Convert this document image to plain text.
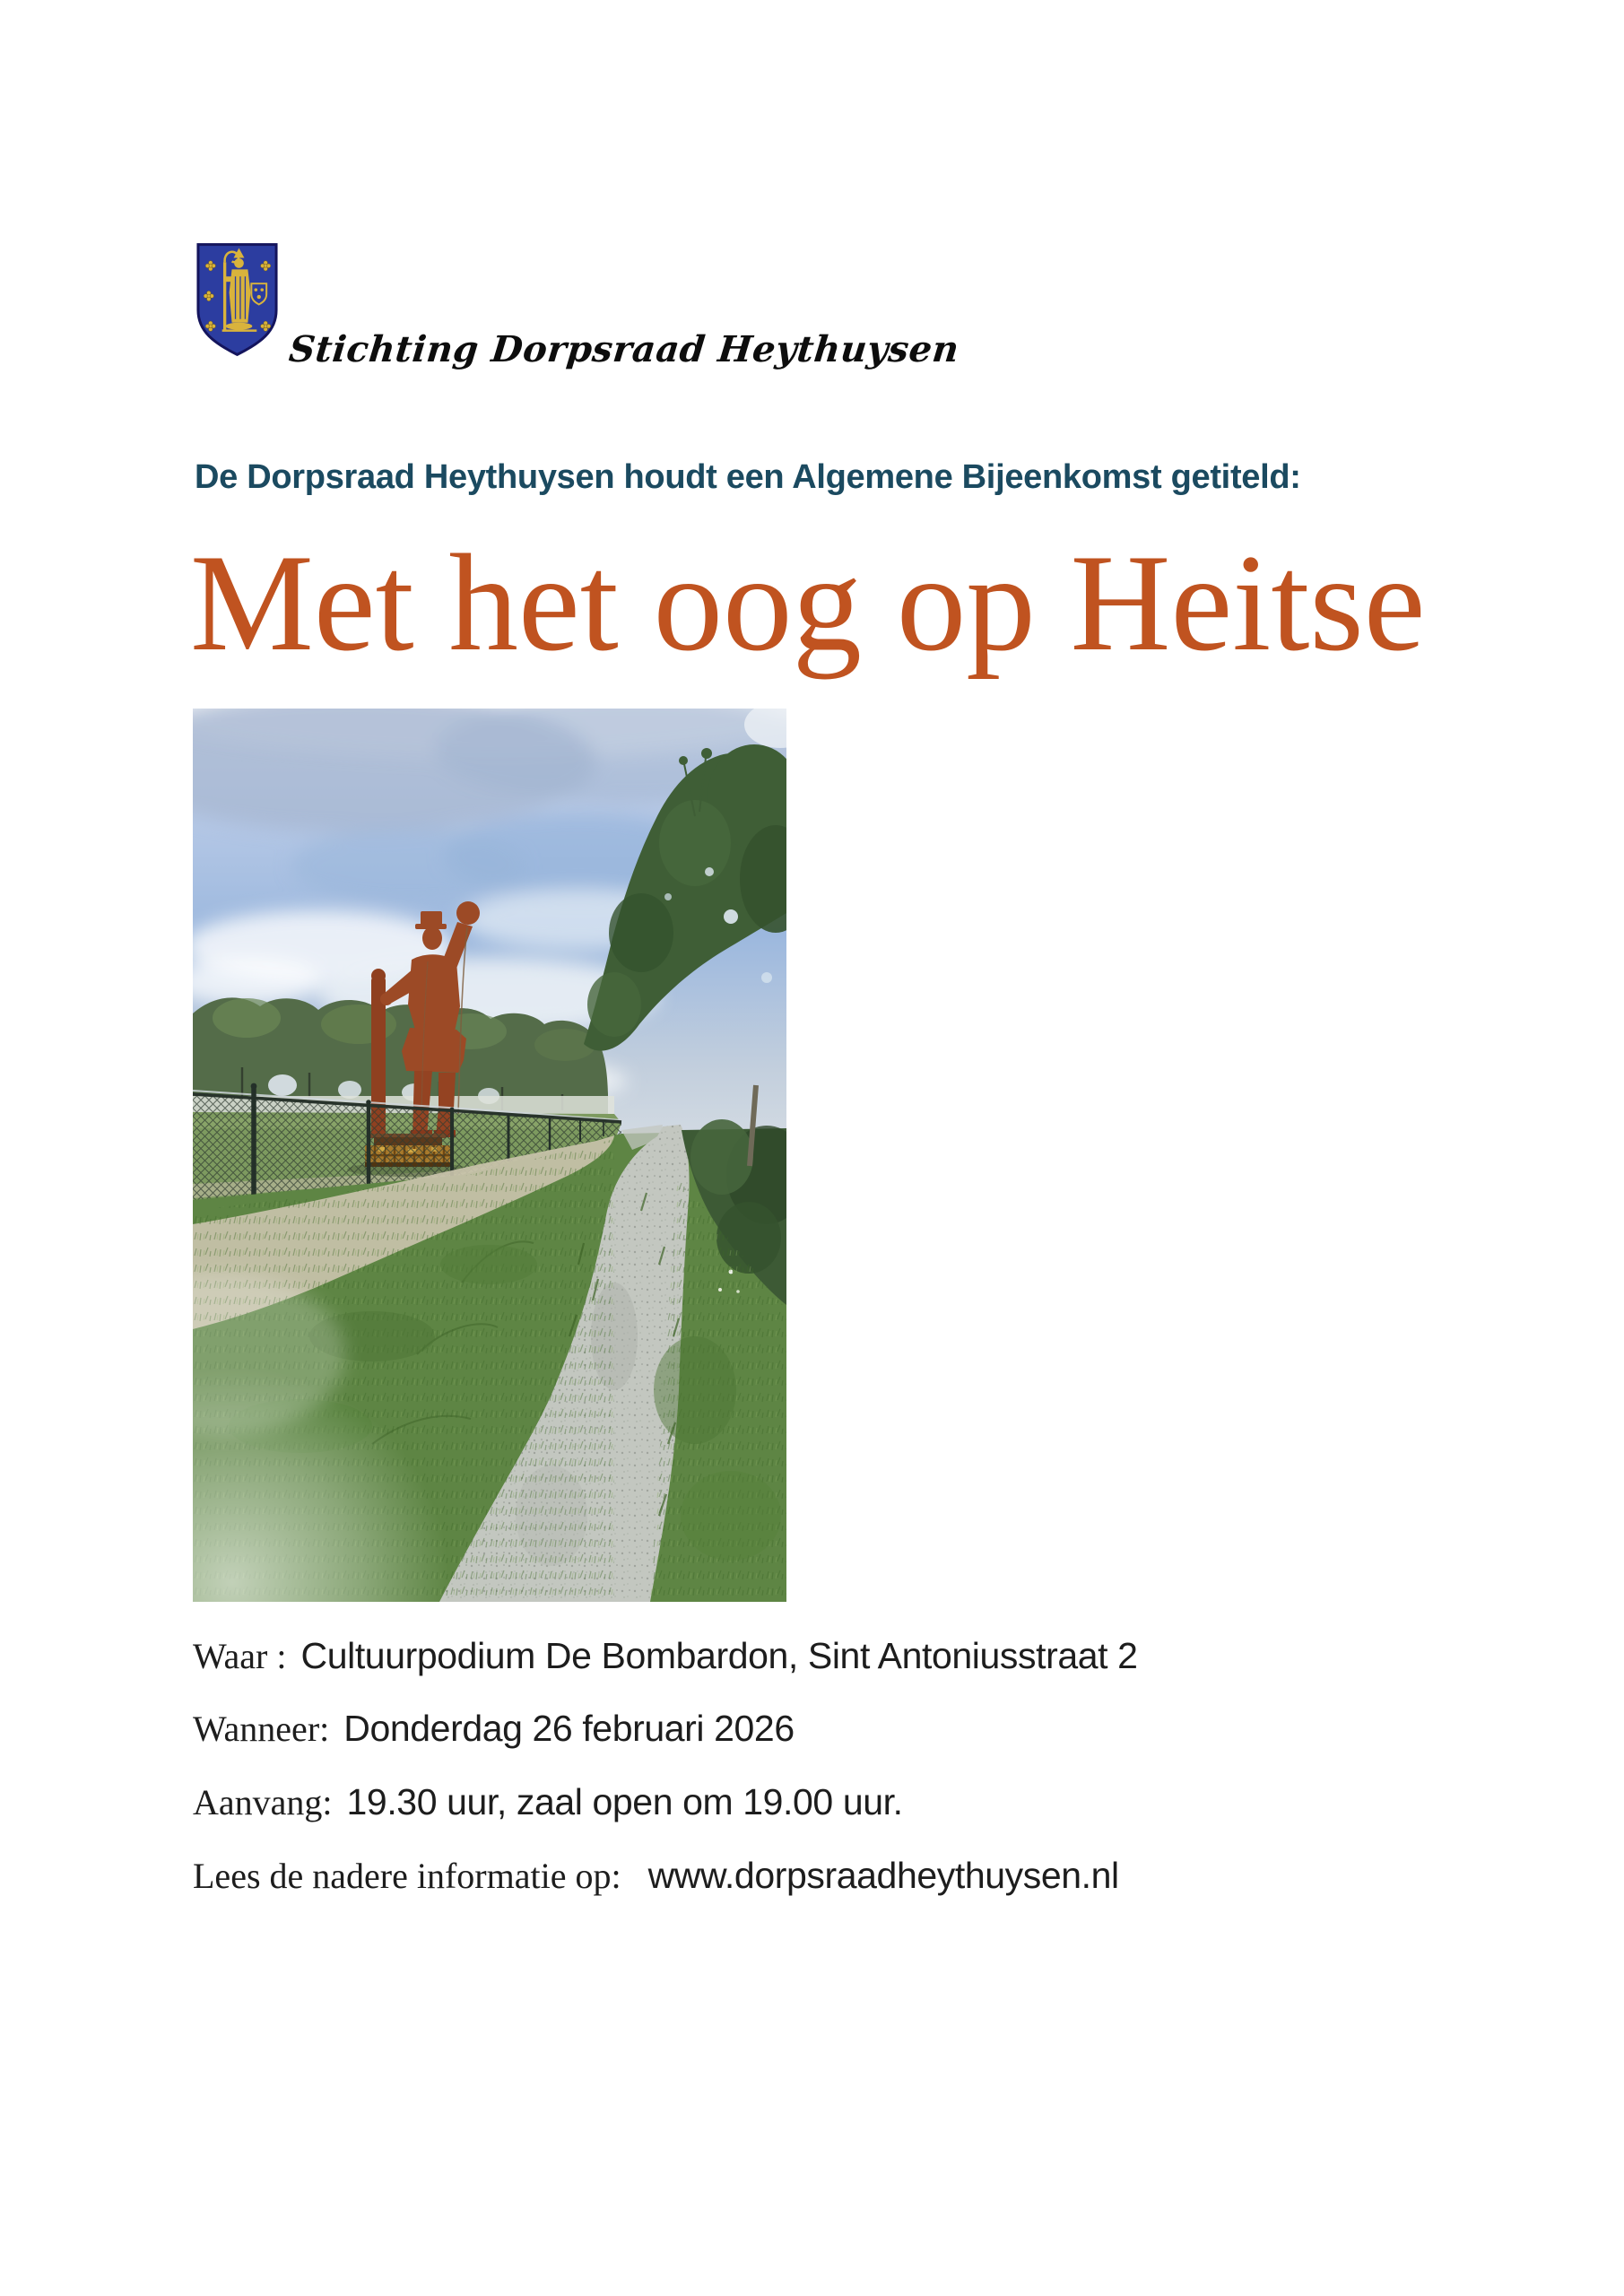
Stichting Dorpsraad Heythuysen
De Dorpsraad Heythuysen houdt een Algemene Bijeenkomst getiteld:
Met het oog op Heitse
Waar : Cultuurpodium De Bombardon, Sint Antoniusstraat 2
Wanneer: Donderdag 26 februari 2026
Aanvang: 19.30 uur, zaal open om 19.00 uur.
Lees de nadere informatie op: www.dorpsraadheythuysen.nl
